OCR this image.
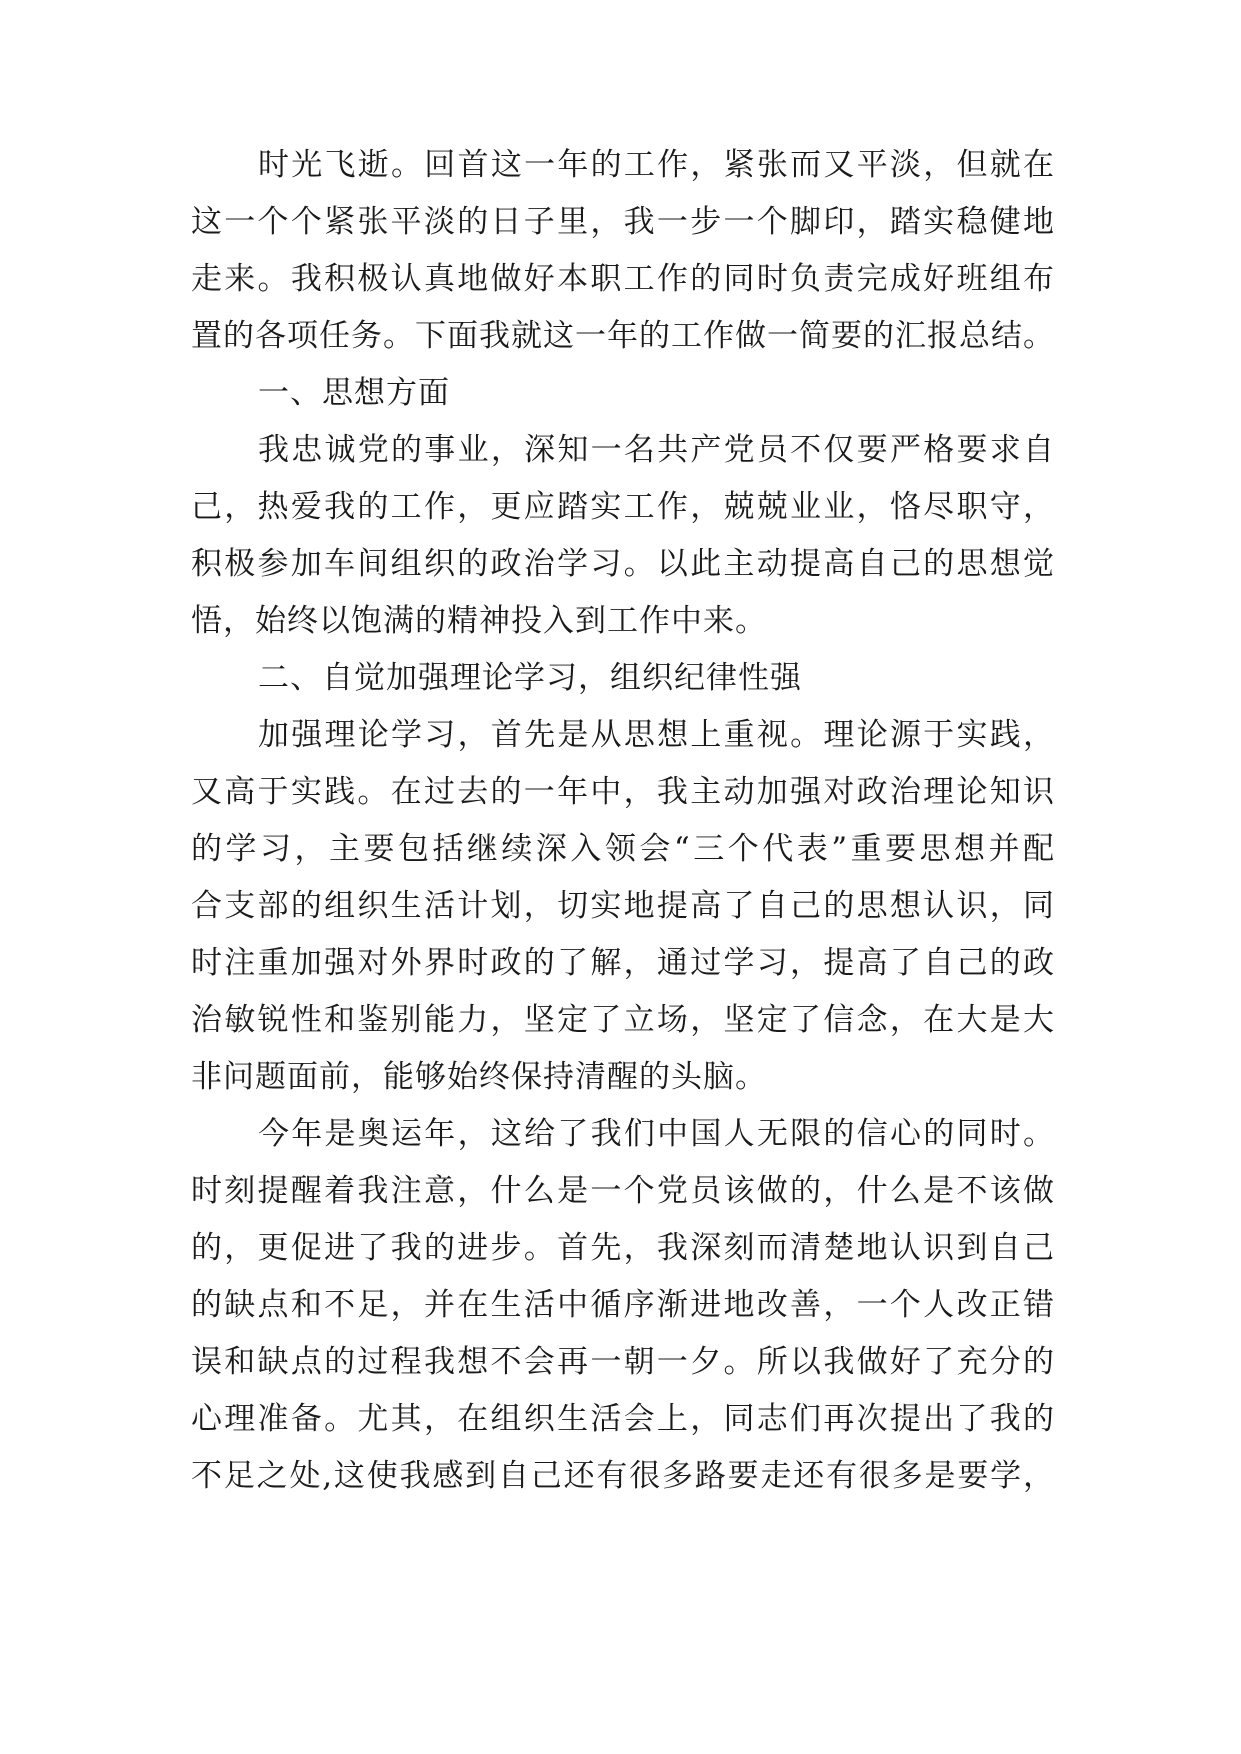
时光飞逝。回首这一年的工作，紧张而又平淡，但就在
这一个个紧张平淡的日子里，我一步一个脚印，踏实稳健地
走来。我积极认真地做好本职工作的同时负责完成好班组布
置的各项任务。下面我就这一年的工作做一简要的汇报总结。
一、思想方面
我忠诚党的事业，深知一名共产党员不仅要严格要求自
己，热爱我的工作，更应踏实工作，兢兢业业，恪尽职守，
积极参加车间组织的政治学习。以此主动提高自己的思想觉
悟，始终以饱满的精神投入到工作中来。
二、自觉加强理论学习，组织纪律性强
加强理论学习，首先是从思想上重视。理论源于实践，
又高于实践。在过去的一年中，我主动加强对政治理论知识
的学习，主要包括继续深入领会“三个代表”重要思想并配
合支部的组织生活计划，切实地提高了自己的思想认识，同
时注重加强对外界时政的了解，通过学习，提高了自己的政
治敏锐性和鉴别能力，坚定了立场，坚定了信念，在大是大
非问题面前，能够始终保持清醒的头脑。
今年是奥运年，这给了我们中国人无限的信心的同时。
时刻提醒着我注意，什么是一个党员该做的，什么是不该做
的，更促进了我的进步。首先，我深刻而清楚地认识到自己
的缺点和不足，并在生活中循序渐进地改善，一个人改正错
误和缺点的过程我想不会再一朝一夕。所以我做好了充分的
心理准备。尤其，在组织生活会上，同志们再次提出了我的
不足之处,这使我感到自己还有很多路要走还有很多是要学，
